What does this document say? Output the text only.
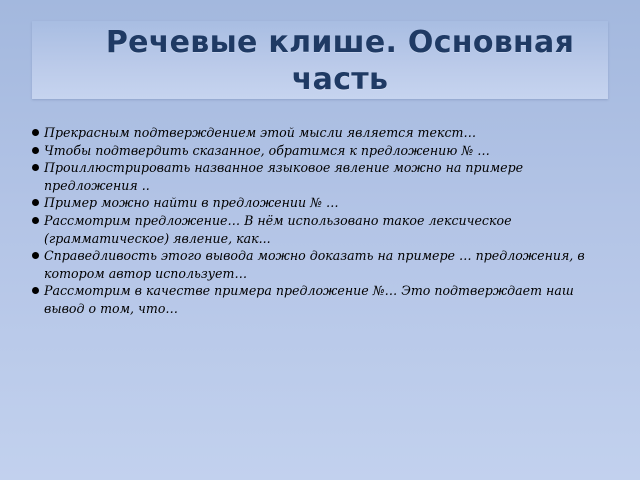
Речевые клише. Основная часть
Прекрасным подтверждением этой мысли является текст…
Чтобы подтвердить сказанное, обратимся к предложению № …
Проиллюстрировать названное языковое явление можно на примере предложения ..
Пример можно найти в предложении № …
Рассмотрим предложение… В нём использовано такое лексическое (грамматическое) явление, как...
Справедливость этого вывода можно доказать на примере … предложения, в котором автор использует…
Рассмотрим в качестве примера предложение №… Это подтверждает наш вывод о том, что…
